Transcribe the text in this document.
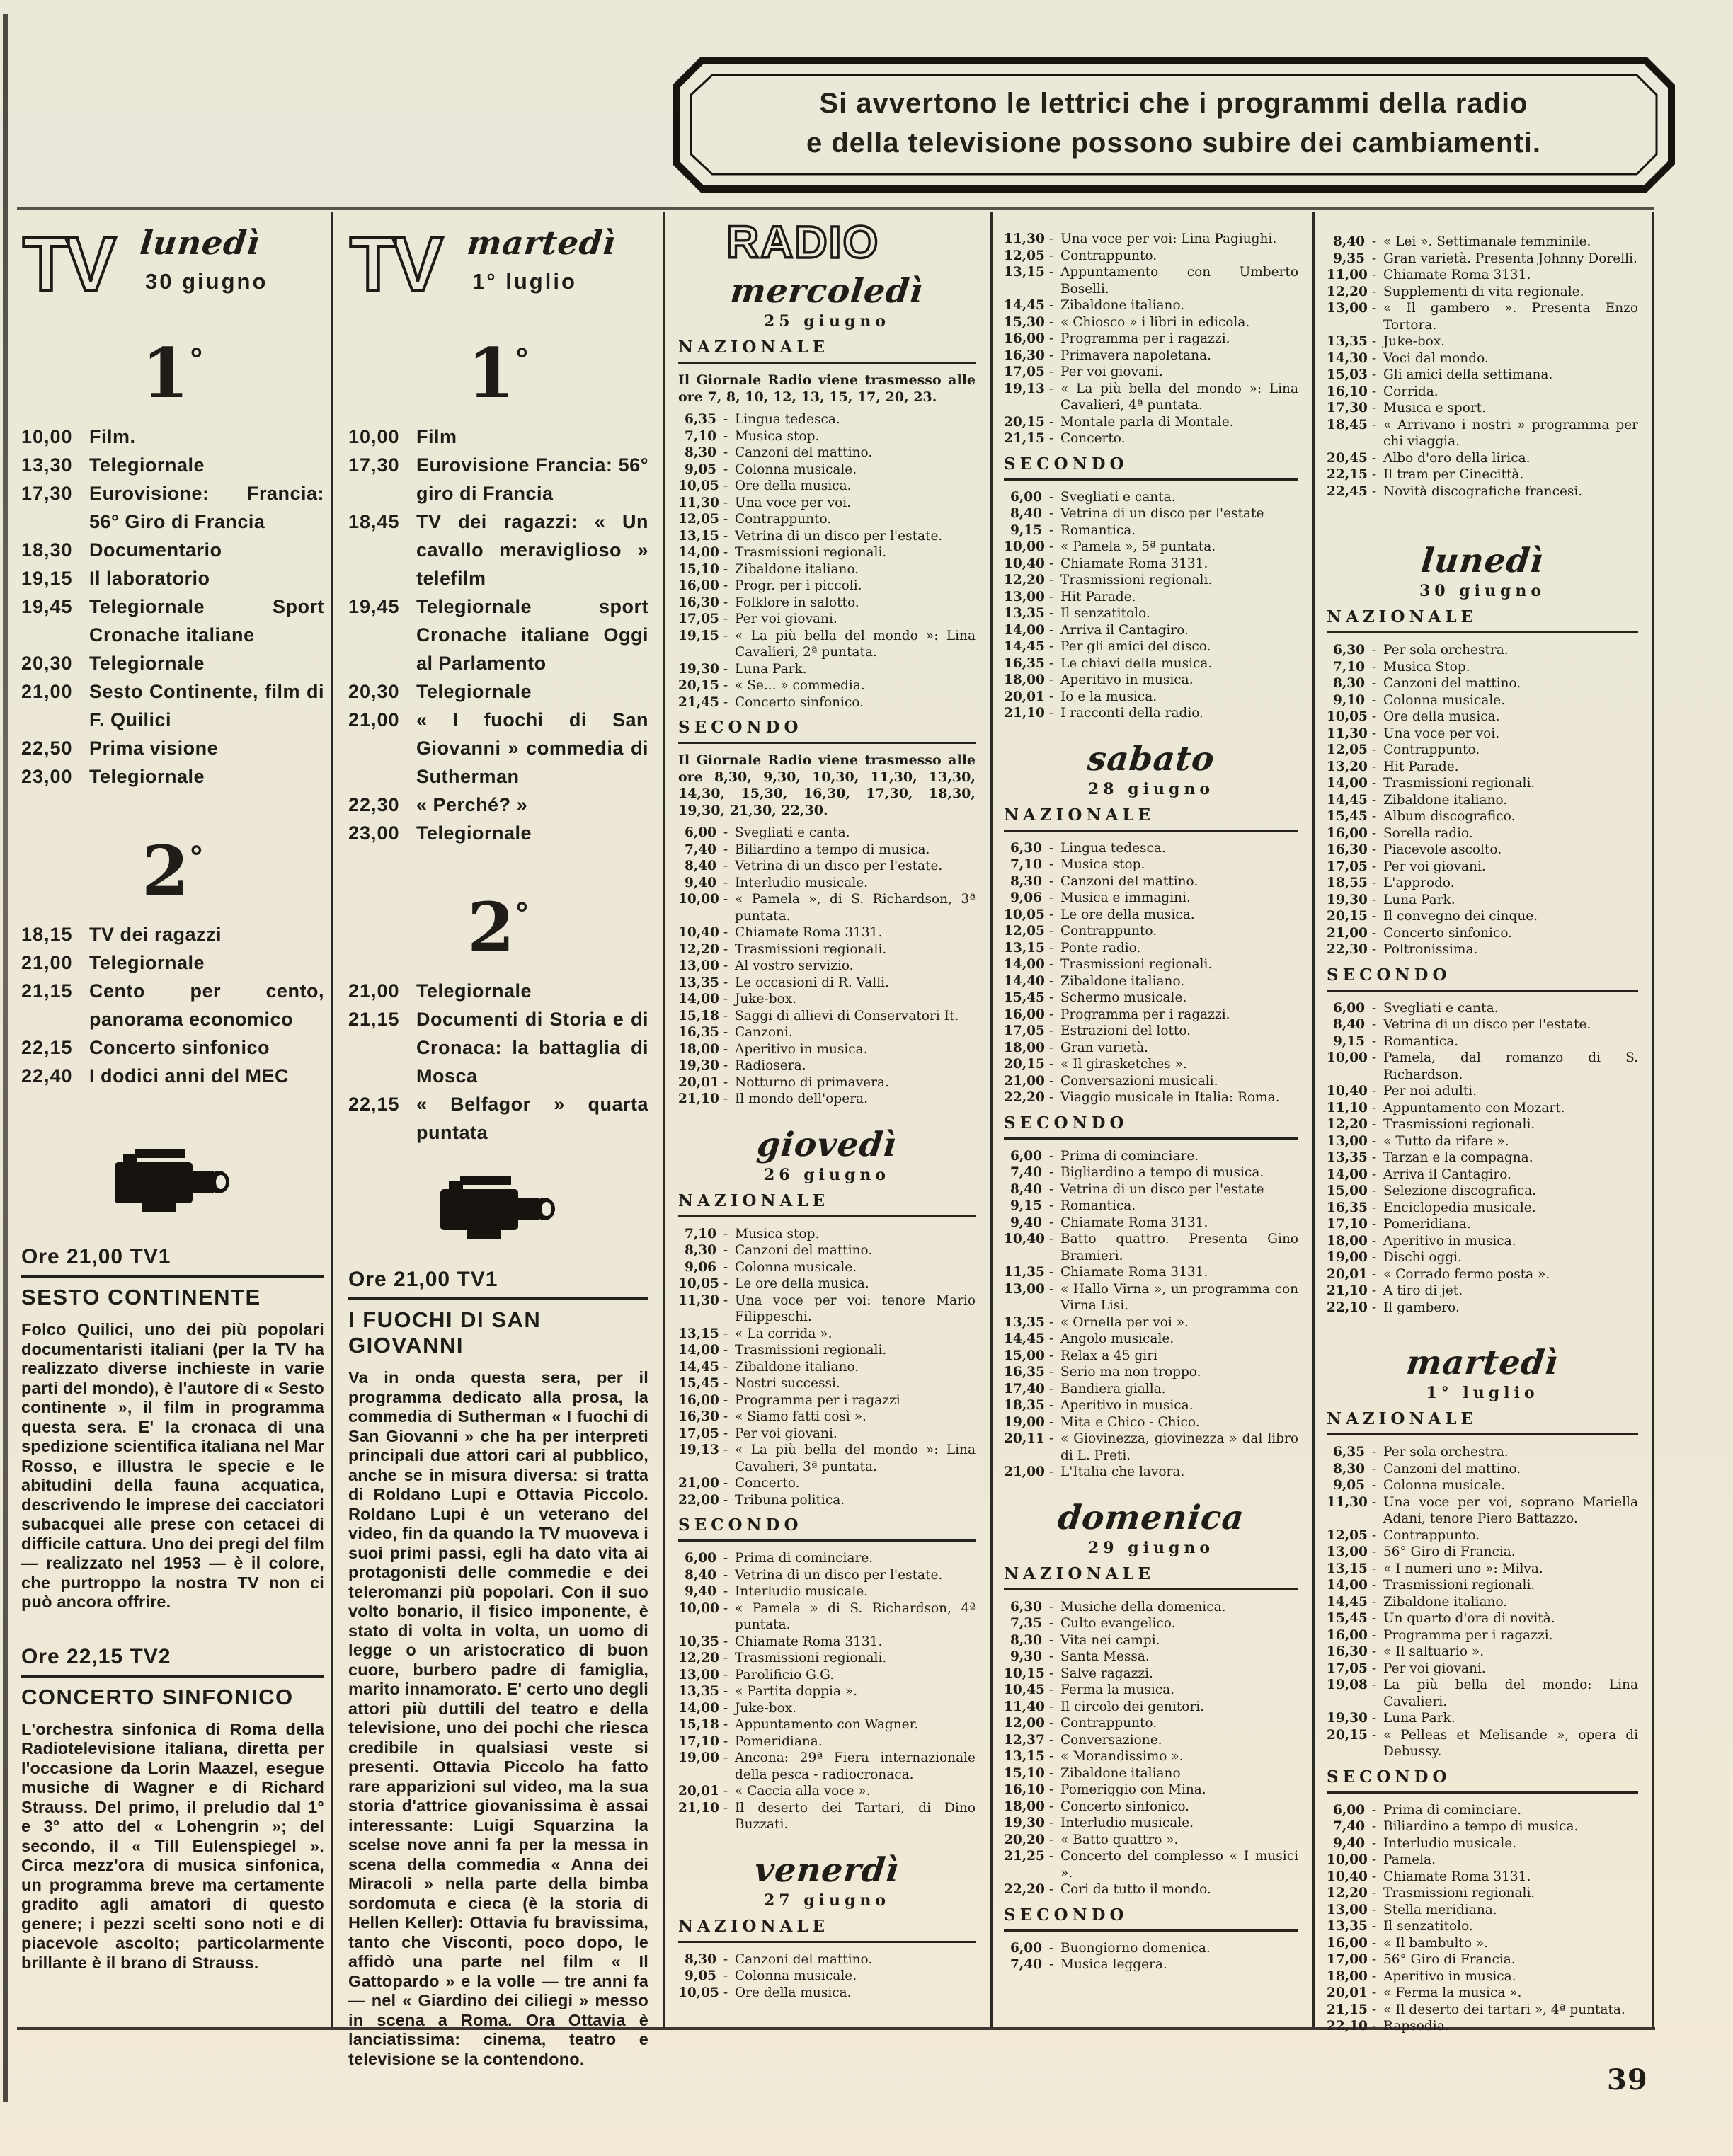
Si avvertono le lettrici che i programmi della radio
e della televisione possono subire dei cambiamenti.
TV lunedì
30 giugno
1°
10,00 Film.
13,30 Telegiornale
17,30 Eurovisione: Francia: 56° Giro di Francia
18,30 Documentario
19,15 Il laboratorio
19,45 Telegiornale Sport Cronache italiane
20,30 Telegiornale
21,00 Sesto Continente, film di F. Quilici
22,50 Prima visione
23,00 Telegiornale
2°
18,15 TV dei ragazzi
21,00 Telegiornale
21,15 Cento per cento, panorama economico
22,15 Concerto sinfonico
22,40 I dodici anni del MEC
Ore 21,00 TV1
SESTO CONTINENTE
Folco Quilici, uno dei più popolari documentaristi italiani (per la TV ha realizzato diverse inchieste in varie parti del mondo), è l'autore di « Sesto continente », il film in programma questa sera. E' la cronaca di una spedizione scientifica italiana nel Mar Rosso, e illustra le specie e le abitudini della fauna acquatica, descrivendo le imprese dei cacciatori subacquei alle prese con cetacei di difficile cattura. Uno dei pregi del film — realizzato nel 1953 — è il colore, che purtroppo la nostra TV non ci può ancora offrire.
Ore 22,15 TV2
CONCERTO SINFONICO
L'orchestra sinfonica di Roma della Radiotelevisione italiana, diretta per l'occasione da Lorin Maazel, esegue musiche di Wagner e di Richard Strauss. Del primo, il preludio dal 1° e 3° atto del « Lohengrin »; del secondo, il « Till Eulenspiegel ». Circa mezz'ora di musica sinfonica, un programma breve ma certamente gradito agli amatori di questo genere; i pezzi scelti sono noti e di piacevole ascolto; particolarmente brillante è il brano di Strauss.
TV martedì
1° luglio
1°
10,00 Film
17,30 Eurovisione Francia: 56° giro di Francia
18,45 TV dei ragazzi: « Un cavallo meraviglioso » telefilm
19,45 Telegiornale sport Cronache italiane Oggi al Parlamento
20,30 Telegiornale
21,00 « I fuochi di San Giovanni » commedia di Sutherman
22,30 « Perché? »
23,00 Telegiornale
2°
21,00 Telegiornale
21,15 Documenti di Storia e di Cronaca: la battaglia di Mosca
22,15 « Belfagor » quarta puntata
Ore 21,00 TV1
I FUOCHI DI SAN GIOVANNI
Va in onda questa sera, per il programma dedicato alla prosa, la commedia di Sutherman « I fuochi di San Giovanni » che ha per interpreti principali due attori cari al pubblico, anche se in misura diversa: si tratta di Roldano Lupi e Ottavia Piccolo. Roldano Lupi è un veterano del video, fin da quando la TV muoveva i suoi primi passi, egli ha dato vita ai protagonisti delle commedie e dei teleromanzi più popolari. Con il suo volto bonario, il fisico imponente, è stato di volta in volta, un uomo di legge o un aristocratico di buon cuore, burbero padre di famiglia, marito innamorato. E' certo uno degli attori più duttili del teatro e della televisione, uno dei pochi che riesca credibile in qualsiasi veste si presenti. Ottavia Piccolo ha fatto rare apparizioni sul video, ma la sua storia d'attrice giovanissima è assai interessante: Luigi Squarzina la scelse nove anni fa per la messa in scena della commedia « Anna dei Miracoli » nella parte della bimba sordomuta e cieca (è la storia di Hellen Keller): Ottavia fu bravissima, tanto che Visconti, poco dopo, le affidò una parte nel film « Il Gattopardo » e la volle — tre anni fa — nel « Giardino dei ciliegi » messo in scena a Roma. Ora Ottavia è lanciatissima: cinema, teatro e televisione se la contendono.
RADIO
mercoledì
25 giugno
NAZIONALE
Il Giornale Radio viene trasmesso alle ore 7, 8, 10, 12, 13, 15, 17, 20, 23.
6,35 - Lingua tedesca.
7,10 - Musica stop.
8,30 - Canzoni del mattino.
9,05 - Colonna musicale.
10,05 - Ore della musica.
11,30 - Una voce per voi.
12,05 - Contrappunto.
13,15 - Vetrina di un disco per l'estate.
14,00 - Trasmissioni regionali.
15,10 - Zibaldone italiano.
16,00 - Progr. per i piccoli.
16,30 - Folklore in salotto.
17,05 - Per voi giovani.
19,15 - « La più bella del mondo »: Lina Cavalieri, 2ª puntata.
19,30 - Luna Park.
20,15 - « Se... » commedia.
21,45 - Concerto sinfonico.
SECONDO
Il Giornale Radio viene trasmesso alle ore 8,30, 9,30, 10,30, 11,30, 13,30, 14,30, 15,30, 16,30, 17,30, 18,30, 19,30, 21,30, 22,30.
6,00 - Svegliati e canta.
7,40 - Biliardino a tempo di musica.
8,40 - Vetrina di un disco per l'estate.
9,40 - Interludio musicale.
10,00 - « Pamela », di S. Richardson, 3ª puntata.
10,40 - Chiamate Roma 3131.
12,20 - Trasmissioni regionali.
13,00 - Al vostro servizio.
13,35 - Le occasioni di R. Valli.
14,00 - Juke-box.
15,18 - Saggi di allievi di Conservatori It.
16,35 - Canzoni.
18,00 - Aperitivo in musica.
19,30 - Radiosera.
20,01 - Notturno di primavera.
21,10 - Il mondo dell'opera.
giovedì
26 giugno
NAZIONALE
7,10 - Musica stop.
8,30 - Canzoni del mattino.
9,06 - Colonna musicale.
10,05 - Le ore della musica.
11,30 - Una voce per voi: tenore Mario Filippeschi.
13,15 - « La corrida ».
14,00 - Trasmissioni regionali.
14,45 - Zibaldone italiano.
15,45 - Nostri successi.
16,00 - Programma per i ragazzi
16,30 - « Siamo fatti così ».
17,05 - Per voi giovani.
19,13 - « La più bella del mondo »: Lina Cavalieri, 3ª puntata.
21,00 - Concerto.
22,00 - Tribuna politica.
SECONDO
6,00 - Prima di cominciare.
8,40 - Vetrina di un disco per l'estate.
9,40 - Interludio musicale.
10,00 - « Pamela » di S. Richardson, 4ª puntata.
10,35 - Chiamate Roma 3131.
12,20 - Trasmissioni regionali.
13,00 - Parolificio G.G.
13,35 - « Partita doppia ».
14,00 - Juke-box.
15,18 - Appuntamento con Wagner.
17,10 - Pomeridiana.
19,00 - Ancona: 29ª Fiera internazionale della pesca - radiocronaca.
20,01 - « Caccia alla voce ».
21,10 - Il deserto dei Tartari, di Dino Buzzati.
venerdì
27 giugno
NAZIONALE
8,30 - Canzoni del mattino.
9,05 - Colonna musicale.
10,05 - Ore della musica.
11,30 - Una voce per voi: Lina Pagiughi.
12,05 - Contrappunto.
13,15 - Appuntamento con Umberto Boselli.
14,45 - Zibaldone italiano.
15,30 - « Chiosco » i libri in edicola.
16,00 - Programma per i ragazzi.
16,30 - Primavera napoletana.
17,05 - Per voi giovani.
19,13 - « La più bella del mondo »: Lina Cavalieri, 4ª puntata.
20,15 - Montale parla di Montale.
21,15 - Concerto.
SECONDO
6,00 - Svegliati e canta.
8,40 - Vetrina di un disco per l'estate
9,15 - Romantica.
10,00 - « Pamela », 5ª puntata.
10,40 - Chiamate Roma 3131.
12,20 - Trasmissioni regionali.
13,00 - Hit Parade.
13,35 - Il senzatitolo.
14,00 - Arriva il Cantagiro.
14,45 - Per gli amici del disco.
16,35 - Le chiavi della musica.
18,00 - Aperitivo in musica.
20,01 - Io e la musica.
21,10 - I racconti della radio.
sabato
28 giugno
NAZIONALE
6,30 - Lingua tedesca.
7,10 - Musica stop.
8,30 - Canzoni del mattino.
9,06 - Musica e immagini.
10,05 - Le ore della musica.
12,05 - Contrappunto.
13,15 - Ponte radio.
14,00 - Trasmissioni regionali.
14,40 - Zibaldone italiano.
15,45 - Schermo musicale.
16,00 - Programma per i ragazzi.
17,05 - Estrazioni del lotto.
18,00 - Gran varietà.
20,15 - « Il girasketches ».
21,00 - Conversazioni musicali.
22,20 - Viaggio musicale in Italia: Roma.
SECONDO
6,00 - Prima di cominciare.
7,40 - Bigliardino a tempo di musica.
8,40 - Vetrina di un disco per l'estate
9,15 - Romantica.
9,40 - Chiamate Roma 3131.
10,40 - Batto quattro. Presenta Gino Bramieri.
11,35 - Chiamate Roma 3131.
13,00 - « Hallo Virna », un programma con Virna Lisi.
13,35 - « Ornella per voi ».
14,45 - Angolo musicale.
15,00 - Relax a 45 giri
16,35 - Serio ma non troppo.
17,40 - Bandiera gialla.
18,35 - Aperitivo in musica.
19,00 - Mita e Chico - Chico.
20,11 - « Giovinezza, giovinezza » dal libro di L. Preti.
21,00 - L'Italia che lavora.
domenica
29 giugno
NAZIONALE
6,30 - Musiche della domenica.
7,35 - Culto evangelico.
8,30 - Vita nei campi.
9,30 - Santa Messa.
10,15 - Salve ragazzi.
10,45 - Ferma la musica.
11,40 - Il circolo dei genitori.
12,00 - Contrappunto.
12,37 - Conversazione.
13,15 - « Morandissimo ».
15,10 - Zibaldone italiano
16,10 - Pomeriggio con Mina.
18,00 - Concerto sinfonico.
19,30 - Interludio musicale.
20,20 - « Batto quattro ».
21,25 - Concerto del complesso « I musici ».
22,20 - Cori da tutto il mondo.
SECONDO
6,00 - Buongiorno domenica.
7,40 - Musica leggera.
8,40 - « Lei ». Settimanale femminile.
9,35 - Gran varietà. Presenta Johnny Dorelli.
11,00 - Chiamate Roma 3131.
12,20 - Supplementi di vita regionale.
13,00 - « Il gambero ». Presenta Enzo Tortora.
13,35 - Juke-box.
14,30 - Voci dal mondo.
15,03 - Gli amici della settimana.
16,10 - Corrida.
17,30 - Musica e sport.
18,45 - « Arrivano i nostri » programma per chi viaggia.
20,45 - Albo d'oro della lirica.
22,15 - Il tram per Cinecittà.
22,45 - Novità discografiche francesi.
lunedì
30 giugno
NAZIONALE
6,30 - Per sola orchestra.
7,10 - Musica Stop.
8,30 - Canzoni del mattino.
9,10 - Colonna musicale.
10,05 - Ore della musica.
11,30 - Una voce per voi.
12,05 - Contrappunto.
13,20 - Hit Parade.
14,00 - Trasmissioni regionali.
14,45 - Zibaldone italiano.
15,45 - Album discografico.
16,00 - Sorella radio.
16,30 - Piacevole ascolto.
17,05 - Per voi giovani.
18,55 - L'approdo.
19,30 - Luna Park.
20,15 - Il convegno dei cinque.
21,00 - Concerto sinfonico.
22,30 - Poltronissima.
SECONDO
6,00 - Svegliati e canta.
8,40 - Vetrina di un disco per l'estate.
9,15 - Romantica.
10,00 - Pamela, dal romanzo di S. Richardson.
10,40 - Per noi adulti.
11,10 - Appuntamento con Mozart.
12,20 - Trasmissioni regionali.
13,00 - « Tutto da rifare ».
13,35 - Tarzan e la compagna.
14,00 - Arriva il Cantagiro.
15,00 - Selezione discografica.
16,35 - Enciclopedia musicale.
17,10 - Pomeridiana.
18,00 - Aperitivo in musica.
19,00 - Dischi oggi.
20,01 - « Corrado fermo posta ».
21,10 - A tiro di jet.
22,10 - Il gambero.
martedì
1° luglio
NAZIONALE
6,35 - Per sola orchestra.
8,30 - Canzoni del mattino.
9,05 - Colonna musicale.
11,30 - Una voce per voi, soprano Mariella Adani, tenore Piero Battazzo.
12,05 - Contrappunto.
13,00 - 56° Giro di Francia.
13,15 - « I numeri uno »: Milva.
14,00 - Trasmissioni regionali.
14,45 - Zibaldone italiano.
15,45 - Un quarto d'ora di novità.
16,00 - Programma per i ragazzi.
16,30 - « Il saltuario ».
17,05 - Per voi giovani.
19,08 - La più bella del mondo: Lina Cavalieri.
19,30 - Luna Park.
20,15 - « Pelleas et Melisande », opera di Debussy.
SECONDO
6,00 - Prima di cominciare.
7,40 - Biliardino a tempo di musica.
9,40 - Interludio musicale.
10,00 - Pamela.
10,40 - Chiamate Roma 3131.
12,20 - Trasmissioni regionali.
13,00 - Stella meridiana.
13,35 - Il senzatitolo.
16,00 - « Il bambulto ».
17,00 - 56° Giro di Francia.
18,00 - Aperitivo in musica.
20,01 - « Ferma la musica ».
21,15 - « Il deserto dei tartari », 4ª puntata.
22,10 - Rapsodia.
39
